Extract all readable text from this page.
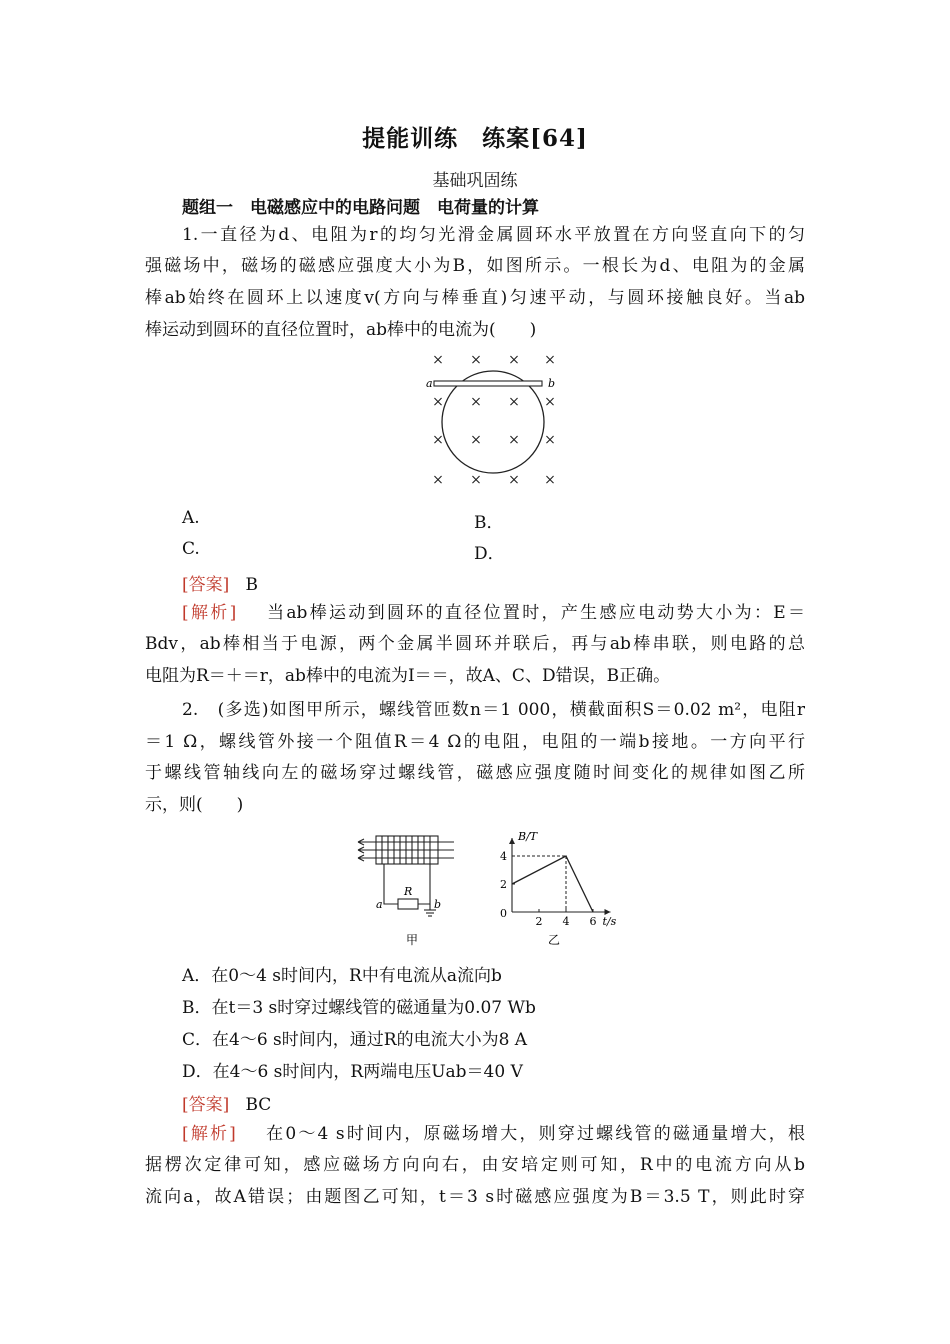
提能训练　练案[64]
基础巩固练
题组一　电磁感应中的电路问题　电荷量的计算
1.一直径为d、电阻为r的均匀光滑金属圆环水平放置在方向竖直向下的匀
强磁场中，磁场的磁感应强度大小为B，如图所示。一根长为d、电阻为的金属
棒ab始终在圆环上以速度v(方向与棒垂直)匀速平动，与圆环接触良好。当ab
棒运动到圆环的直径位置时，ab棒中的电流为(　　)
× × × ×
× × × ×
× × × ×
× × × ×
a	b
A.	B．
C.	D．
[答案] B
[解析] 当ab棒运动到圆环的直径位置时，产生感应电动势大小为：E＝
Bdv，ab棒相当于电源，两个金属半圆环并联后，再与ab棒串联，则电路的总
电阻为R＝＋＝r，ab棒中的电流为I＝＝，故A、C、D错误，B正确。
2.　(多选)如图甲所示，螺线管匝数n＝1 000，横截面积S＝0.02 m²，电阻r
＝1 Ω，螺线管外接一个阻值R＝4 Ω的电阻，电阻的一端b接地。一方向平行
于螺线管轴线向左的磁场穿过螺线管，磁感应强度随时间变化的规律如图乙所
示，则(　　)
R
a	b
甲
2 4 6
2
4
0
B/T
t/s
乙
A．在0～4 s时间内，R中有电流从a流向b
B．在t＝3 s时穿过螺线管的磁通量为0.07 Wb
C．在4～6 s时间内，通过R的电流大小为8 A
D．在4～6 s时间内，R两端电压Uab＝40 V
[答案] BC
[解析] 在0～4 s时间内，原磁场增大，则穿过螺线管的磁通量增大，根
据楞次定律可知，感应磁场方向向右，由安培定则可知，R中的电流方向从b
流向a，故A错误；由题图乙可知，t＝3 s时磁感应强度为B＝3.5 T，则此时穿
